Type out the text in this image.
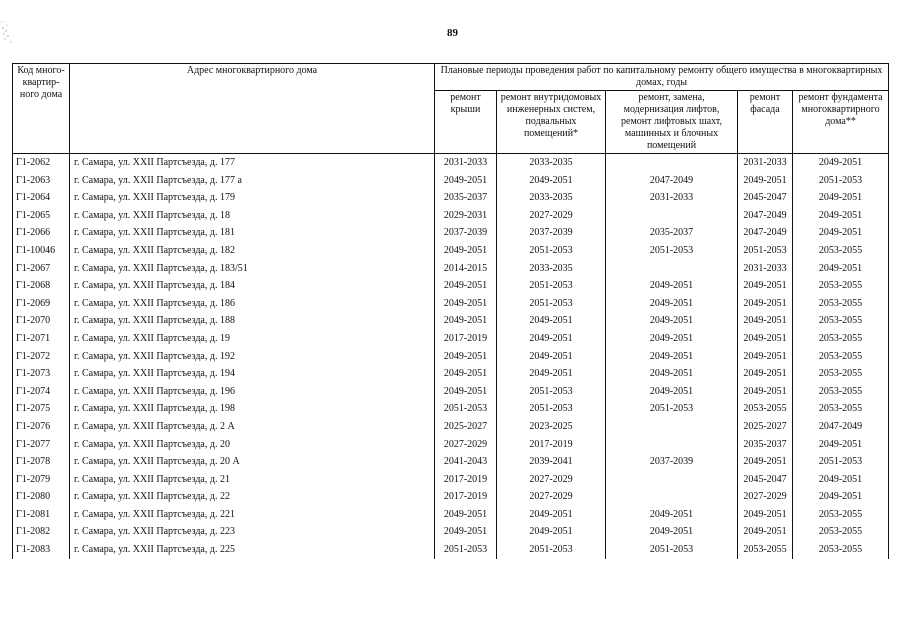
89
Код много-квартир-ного дома	Адрес многоквартирного дома	Плановые периоды проведения работ по капитальному ремонту общего имущества в многоквартирных домах, годы				
		ремонт крыши	ремонт внутридомовых инженерных систем, подвальных помещений*	ремонт, замена, модернизация лифтов, ремонт лифтовых шахт, машинных и блочных помещений	ремонт фасада	ремонт фундамента многоквартирного дома**
Г1-2062	г. Самара, ул. XXII Партсъезда, д. 177	2031-2033	2033-2035		2031-2033	2049-2051
Г1-2063	г. Самара, ул. XXII Партсъезда, д. 177 а	2049-2051	2049-2051	2047-2049	2049-2051	2051-2053
Г1-2064	г. Самара, ул. XXII Партсъезда, д. 179	2035-2037	2033-2035	2031-2033	2045-2047	2049-2051
Г1-2065	г. Самара, ул. XXII Партсъезда, д. 18	2029-2031	2027-2029		2047-2049	2049-2051
Г1-2066	г. Самара, ул. XXII Партсъезда, д. 181	2037-2039	2037-2039	2035-2037	2047-2049	2049-2051
Г1-10046	г. Самара, ул. XXII Партсъезда, д. 182	2049-2051	2051-2053	2051-2053	2051-2053	2053-2055
Г1-2067	г. Самара, ул. XXII Партсъезда, д. 183/51	2014-2015	2033-2035		2031-2033	2049-2051
Г1-2068	г. Самара, ул. XXII Партсъезда, д. 184	2049-2051	2051-2053	2049-2051	2049-2051	2053-2055
Г1-2069	г. Самара, ул. XXII Партсъезда, д. 186	2049-2051	2051-2053	2049-2051	2049-2051	2053-2055
Г1-2070	г. Самара, ул. XXII Партсъезда, д. 188	2049-2051	2049-2051	2049-2051	2049-2051	2053-2055
Г1-2071	г. Самара, ул. XXII Партсъезда, д. 19	2017-2019	2049-2051	2049-2051	2049-2051	2053-2055
Г1-2072	г. Самара, ул. XXII Партсъезда, д. 192	2049-2051	2049-2051	2049-2051	2049-2051	2053-2055
Г1-2073	г. Самара, ул. XXII Партсъезда, д. 194	2049-2051	2049-2051	2049-2051	2049-2051	2053-2055
Г1-2074	г. Самара, ул. XXII Партсъезда, д. 196	2049-2051	2051-2053	2049-2051	2049-2051	2053-2055
Г1-2075	г. Самара, ул. XXII Партсъезда, д. 198	2051-2053	2051-2053	2051-2053	2053-2055	2053-2055
Г1-2076	г. Самара, ул. XXII Партсъезда, д. 2 А	2025-2027	2023-2025		2025-2027	2047-2049
Г1-2077	г. Самара, ул. XXII Партсъезда, д. 20	2027-2029	2017-2019		2035-2037	2049-2051
Г1-2078	г. Самара, ул. XXII Партсъезда, д. 20 А	2041-2043	2039-2041	2037-2039	2049-2051	2051-2053
Г1-2079	г. Самара, ул. XXII Партсъезда, д. 21	2017-2019	2027-2029		2045-2047	2049-2051
Г1-2080	г. Самара, ул. XXII Партсъезда, д. 22	2017-2019	2027-2029		2027-2029	2049-2051
Г1-2081	г. Самара, ул. XXII Партсъезда, д. 221	2049-2051	2049-2051	2049-2051	2049-2051	2053-2055
Г1-2082	г. Самара, ул. XXII Партсъезда, д. 223	2049-2051	2049-2051	2049-2051	2049-2051	2053-2055
Г1-2083	г. Самара, ул. XXII Партсъезда, д. 225	2051-2053	2051-2053	2051-2053	2053-2055	2053-2055
